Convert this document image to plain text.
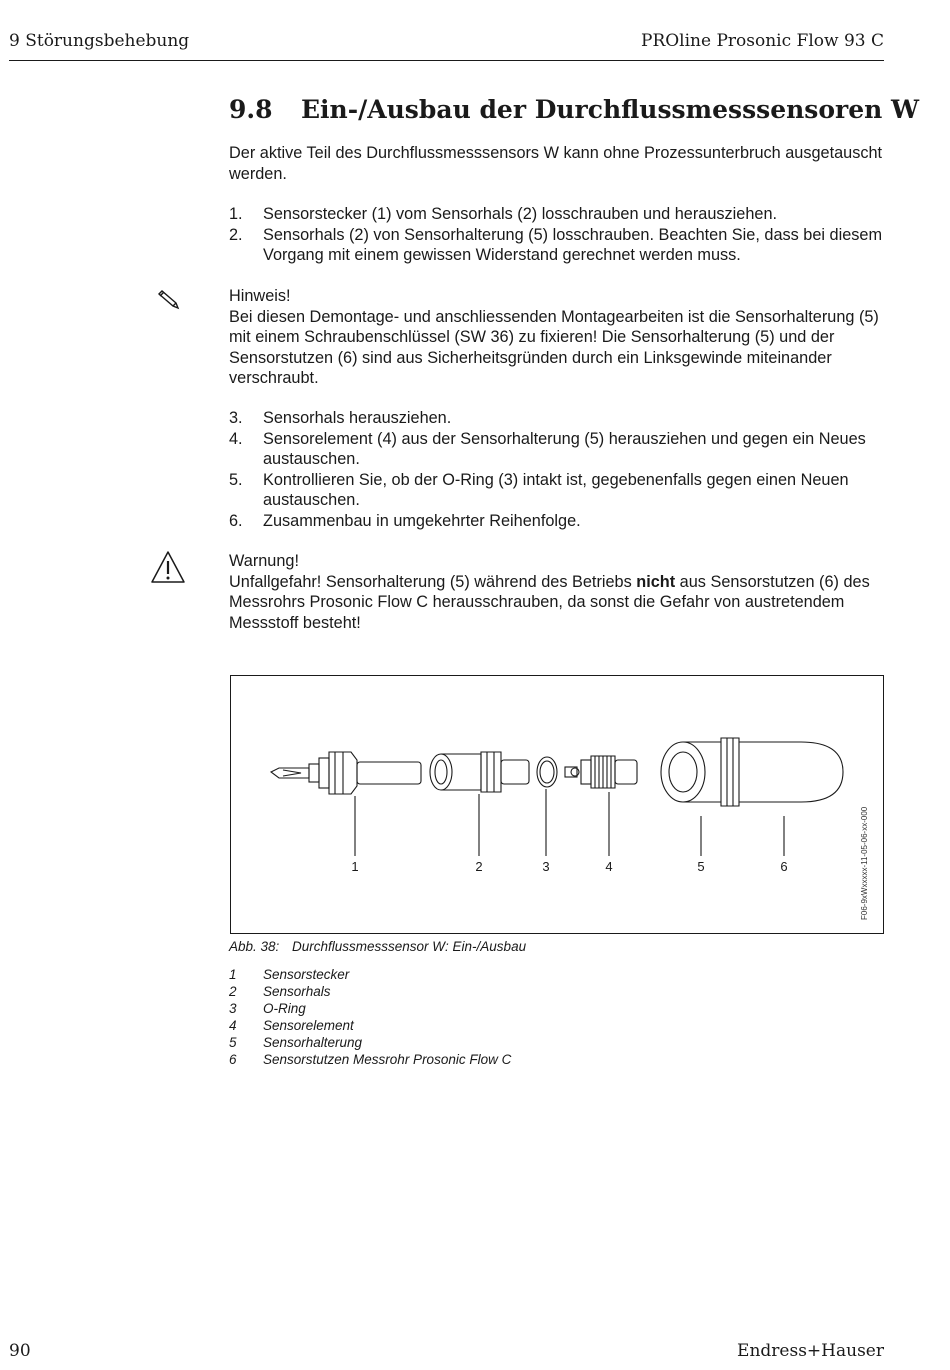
9 Störungsbehebung	PROline Prosonic Flow 93 C
9.8 Ein-/Ausbau der Durchflussmesssensoren W

Der aktive Teil des Durchflussmesssensors W kann ohne Prozessunterbruch ausgetauscht werden.

1. Sensorstecker (1) vom Sensorhals (2) losschrauben und herausziehen.
2. Sensorhals (2) von Sensorhalterung (5) losschrauben. Beachten Sie, dass bei diesem Vorgang mit einem gewissen Widerstand gerechnet werden muss.
Hinweis!
Bei diesen Demontage- und anschliessenden Montagearbeiten ist die Sensorhalterung (5) mit einem Schraubenschlüssel (SW 36) zu fixieren! Die Sensorhalterung (5) und der Sensorstutzen (6) sind aus Sicherheitsgründen durch ein Linksgewinde miteinander verschraubt.
3. Sensorhals herausziehen.
4. Sensorelement (4) aus der Sensorhalterung (5) herausziehen und gegen ein Neues austauschen.
5. Kontrollieren Sie, ob der O-Ring (3) intakt ist, gegebenenfalls gegen einen Neuen austauschen.
6. Zusammenbau in umgekehrter Reihenfolge.
Warnung!
Unfallgefahr! Sensorhalterung (5) während des Betriebs nicht aus Sensorstutzen (6) des Messrohrs Prosonic Flow C herausschrauben, da sonst die Gefahr von austretendem Messstoff besteht!
1	2	3	4	5	6	F06-9xWxxxxx-11-05-06-xx-000
Abb. 38: Durchflussmesssensor W: Ein-/Ausbau
1 Sensorstecker
2 Sensorhals
3 O-Ring
4 Sensorelement
5 Sensorhalterung
6 Sensorstutzen Messrohr Prosonic Flow C
90	Endress+Hauser
